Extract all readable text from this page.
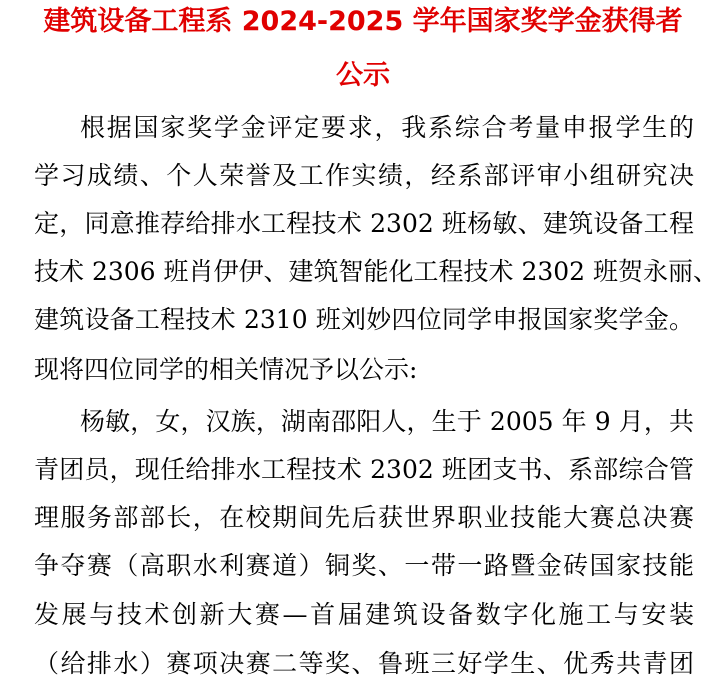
建筑设备工程系 2024-2025 学年国家奖学金获得者
公示
根据国家奖学金评定要求，我系综合考量申报学生的
学习成绩、个人荣誉及工作实绩，经系部评审小组研究决
定，同意推荐给排水工程技术 2302 班杨敏、建筑设备工程
技术 2306 班肖伊伊、建筑智能化工程技术 2302 班贺永丽、
建筑设备工程技术 2310 班刘妙四位同学申报国家奖学金。
现将四位同学的相关情况予以公示:
杨敏，女，汉族，湖南邵阳人，生于 2005 年 9 月，共
青团员，现任给排水工程技术 2302 班团支书、系部综合管
理服务部部长，在校期间先后获世界职业技能大赛总决赛
争夺赛（高职水利赛道）铜奖、一带一路暨金砖国家技能
发展与技术创新大赛—首届建筑设备数字化施工与安装
（给排水）赛项决赛二等奖、鲁班三好学生、优秀共青团
